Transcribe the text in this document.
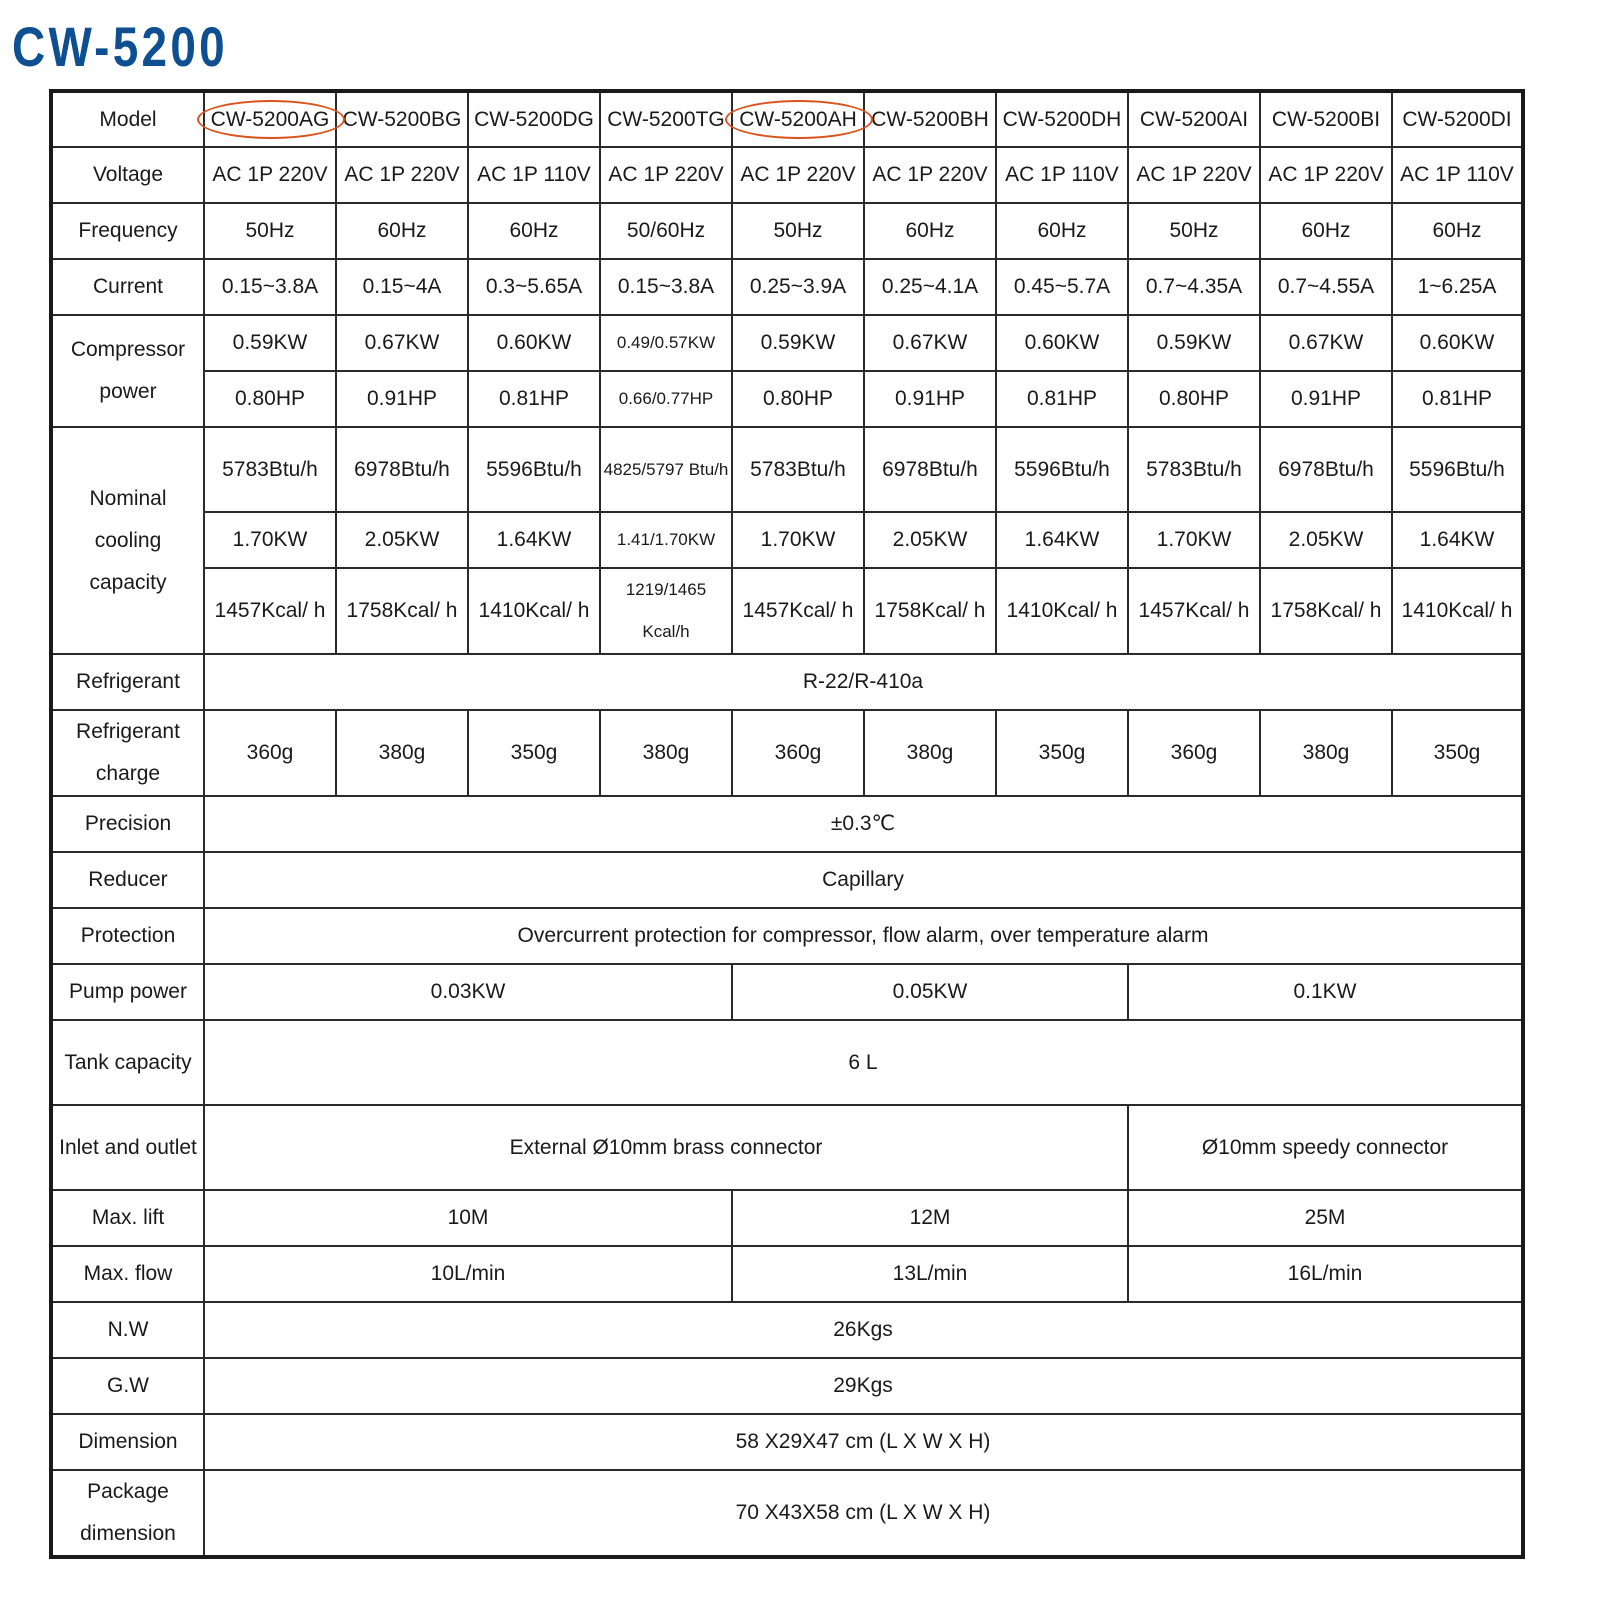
CW-5200
Model	CW-5200AG	CW-5200BG	CW-5200DG	CW-5200TG	CW-5200AH	CW-5200BH	CW-5200DH	CW-5200AI	CW-5200BI	CW-5200DI
Voltage	AC 1P 220V	AC 1P 220V	AC 1P 110V	AC 1P 220V	AC 1P 220V	AC 1P 220V	AC 1P 110V	AC 1P 220V	AC 1P 220V	AC 1P 110V
Frequency	50Hz	60Hz	60Hz	50/60Hz	50Hz	60Hz	60Hz	50Hz	60Hz	60Hz
Current	0.15~3.8A	0.15~4A	0.3~5.65A	0.15~3.8A	0.25~3.9A	0.25~4.1A	0.45~5.7A	0.7~4.35A	0.7~4.55A	1~6.25A
Compressor power	0.59KW	0.67KW	0.60KW	0.49/0.57KW	0.59KW	0.67KW	0.60KW	0.59KW	0.67KW	0.60KW
	0.80HP	0.91HP	0.81HP	0.66/0.77HP	0.80HP	0.91HP	0.81HP	0.80HP	0.91HP	0.81HP
Nominal cooling capacity	5783Btu/h	6978Btu/h	5596Btu/h	4825/5797 Btu/h	5783Btu/h	6978Btu/h	5596Btu/h	5783Btu/h	6978Btu/h	5596Btu/h
	1.70KW	2.05KW	1.64KW	1.41/1.70KW	1.70KW	2.05KW	1.64KW	1.70KW	2.05KW	1.64KW
	1457Kcal/ h	1758Kcal/ h	1410Kcal/ h	1219/1465 Kcal/h	1457Kcal/ h	1758Kcal/ h	1410Kcal/ h	1457Kcal/ h	1758Kcal/ h	1410Kcal/ h
Refrigerant	R-22/R-410a									
Refrigerant charge	360g	380g	350g	380g	360g	380g	350g	360g	380g	350g
Precision	±0.3℃									
Reducer	Capillary									
Protection	Overcurrent protection for compressor, flow alarm, over temperature alarm									
Pump power	0.03KW				0.05KW			0.1KW		
Tank capacity	6 L									
Inlet and outlet	External Ø10mm brass connector							Ø10mm speedy connector		
Max. lift	10M				12M			25M		
Max. flow	10L/min				13L/min			16L/min		
N.W	26Kgs									
G.W	29Kgs									
Dimension	58 X29X47 cm (L X W X H)									
Package dimension	70 X43X58 cm (L X W X H)									
